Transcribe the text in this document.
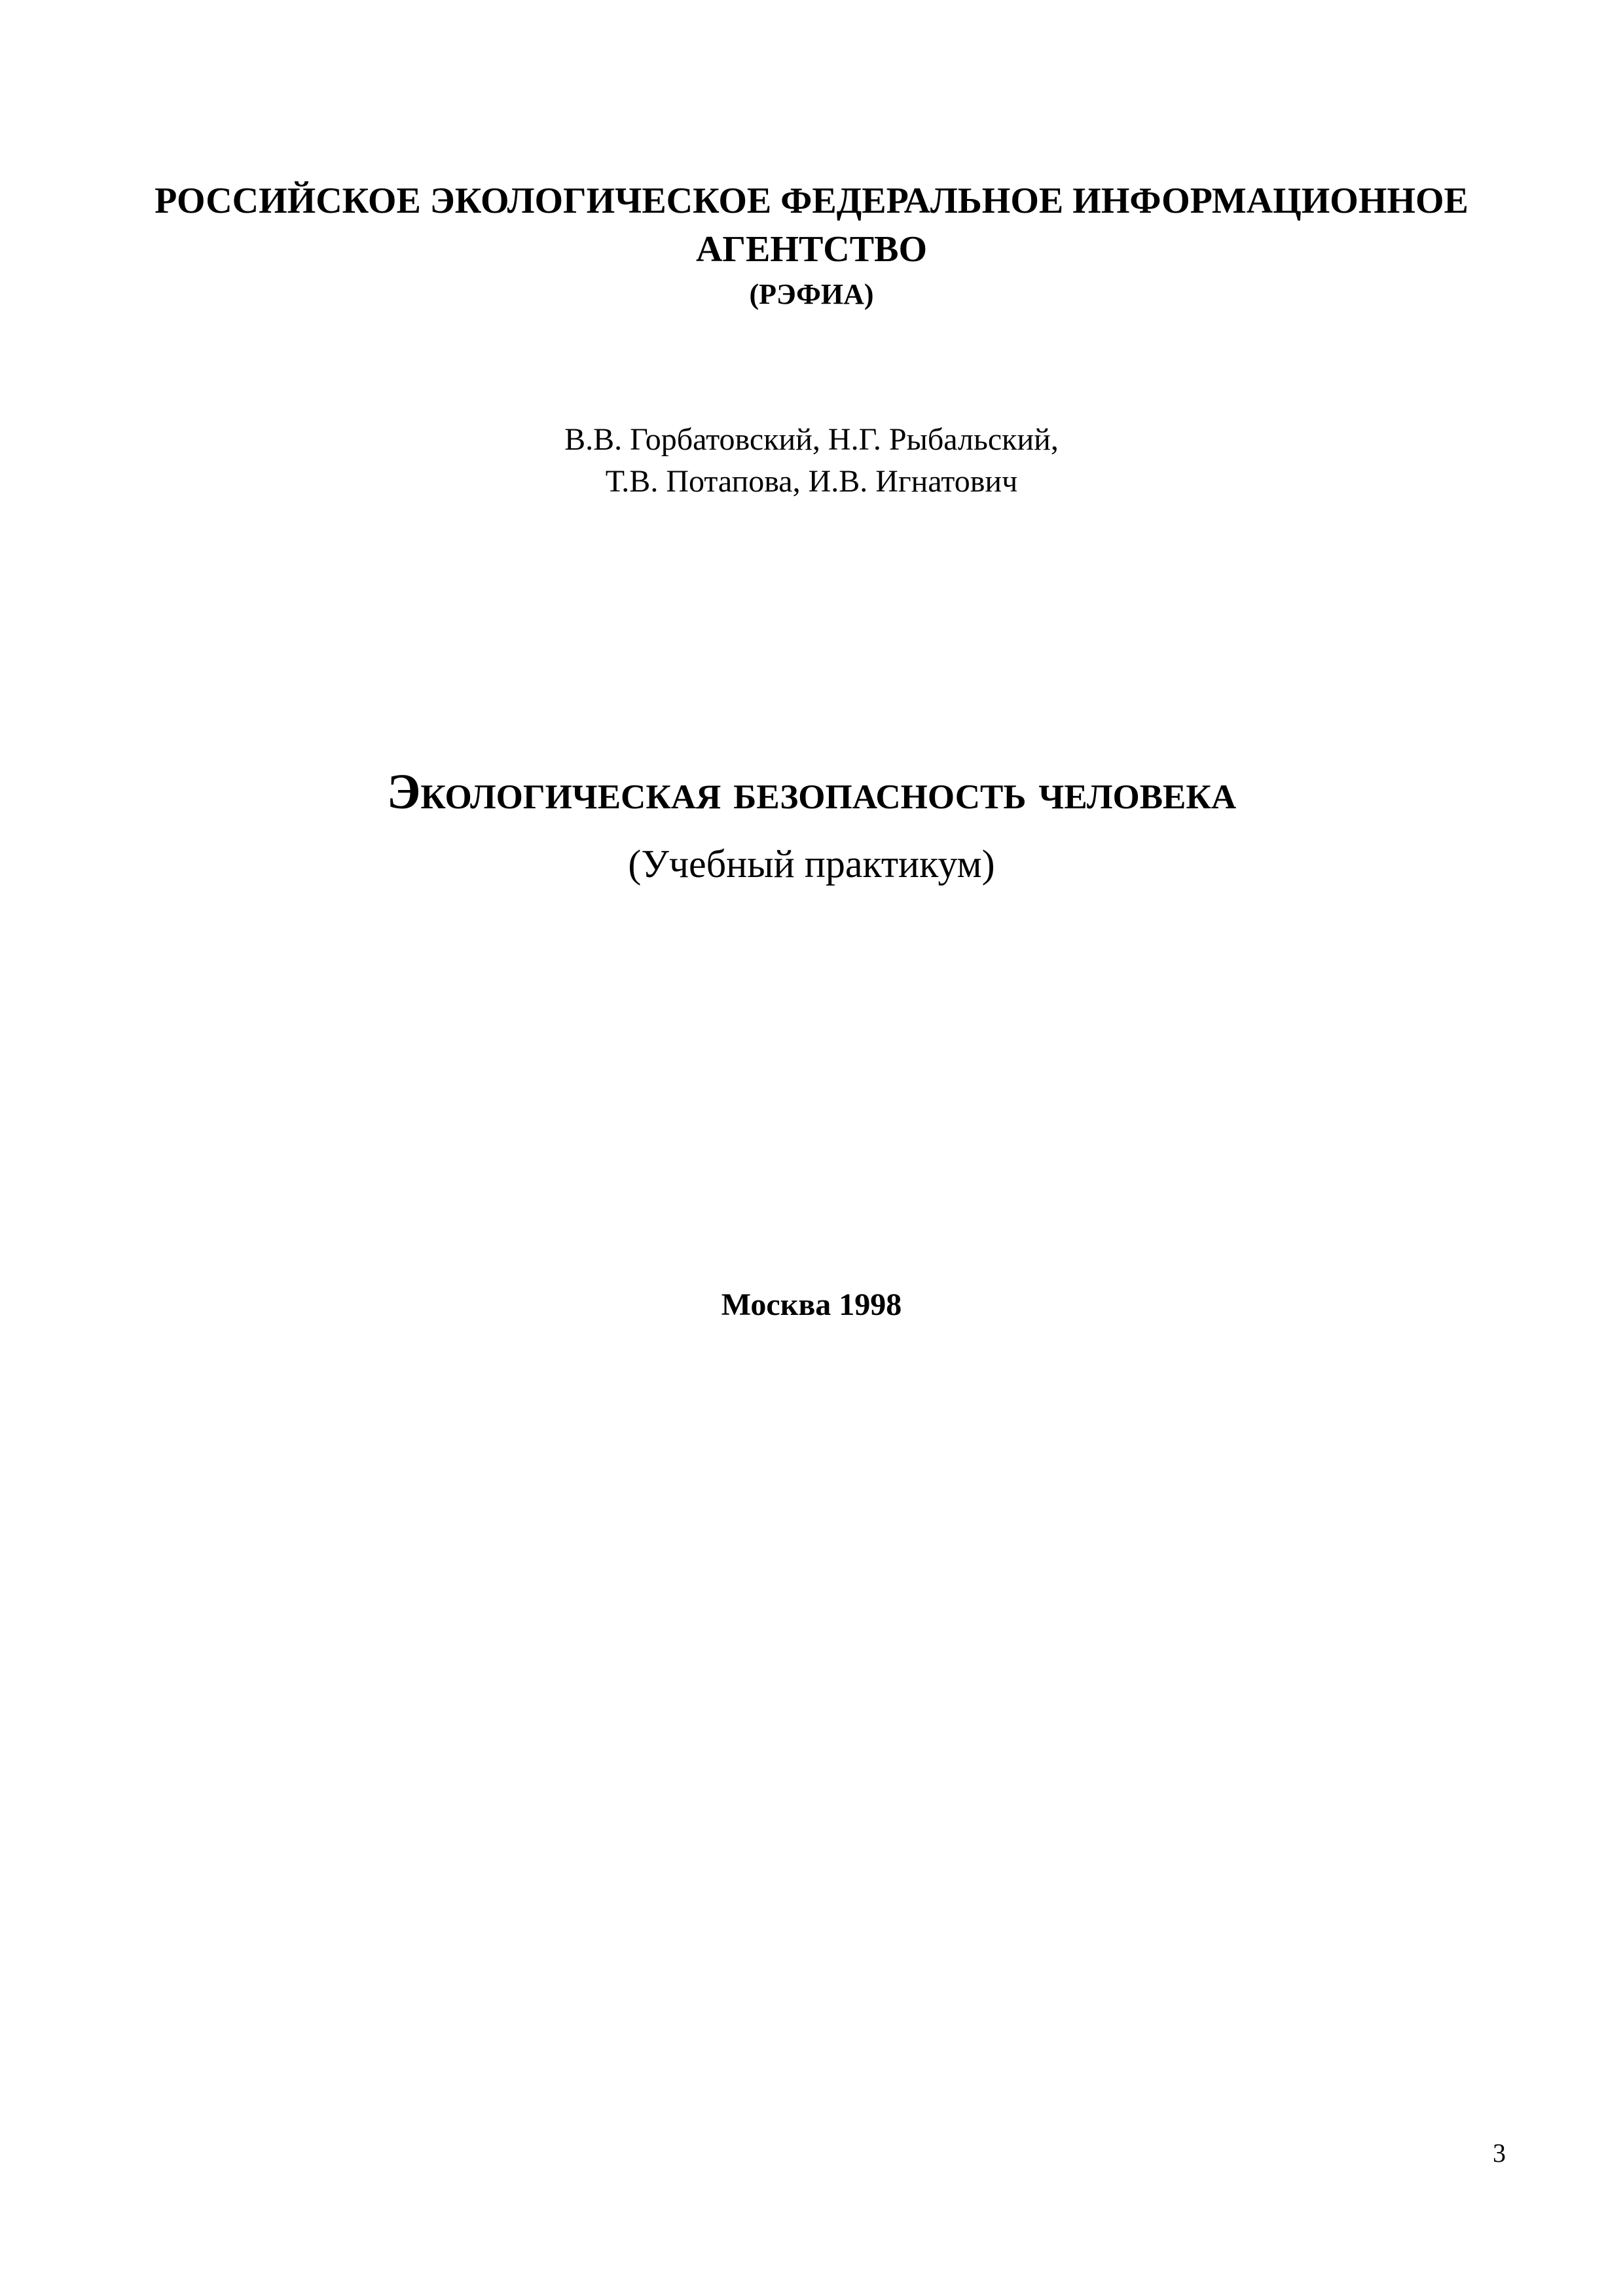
РОССИЙСКОЕ ЭКОЛОГИЧЕСКОЕ ФЕДЕРАЛЬНОЕ ИНФОРМАЦИОННОЕ
АГЕНТСТВО
(РЭФИА)
В.В. Горбатовский, Н.Г. Рыбальский,
Т.В. Потапова, И.В. Игнатович
Экологическая безопасность человека
(Учебный практикум)
Москва 1998
3
